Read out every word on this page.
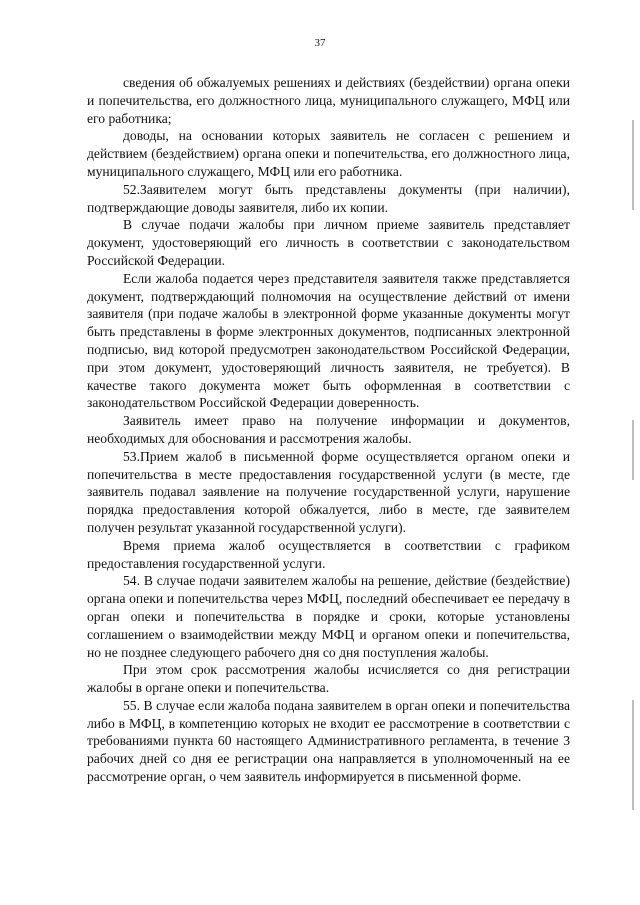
37

сведения об обжалуемых решениях и действиях (бездействии) органа опеки и попечительства, его должностного лица, муниципального служащего, МФЦ или его работника;

доводы, на основании которых заявитель не согласен с решением и действием (бездействием) органа опеки и попечительства, его должностного лица, муниципального служащего, МФЦ или его работника.

52.Заявителем могут быть представлены документы (при наличии), подтверждающие доводы заявителя, либо их копии.

В случае подачи жалобы при личном приеме заявитель представляет документ, удостоверяющий его личность в соответствии с законодательством Российской Федерации.

Если жалоба подается через представителя заявителя также представляется документ, подтверждающий полномочия на осуществление действий от имени заявителя (при подаче жалобы в электронной форме указанные документы могут быть представлены в форме электронных документов, подписанных электронной подписью, вид которой предусмотрен законодательством Российской Федерации, при этом документ, удостоверяющий личность заявителя, не требуется). В качестве такого документа может быть оформленная в соответствии с законодательством Российской Федерации доверенность.

Заявитель имеет право на получение информации и документов, необходимых для обоснования и рассмотрения жалобы.

53.Прием жалоб в письменной форме осуществляется органом опеки и попечительства в месте предоставления государственной услуги (в месте, где заявитель подавал заявление на получение государственной услуги, нарушение порядка предоставления которой обжалуется, либо в месте, где заявителем получен результат указанной государственной услуги).

Время приема жалоб осуществляется в соответствии с графиком предоставления государственной услуги.

54. В случае подачи заявителем жалобы на решение, действие (бездействие) органа опеки и попечительства через МФЦ, последний обеспечивает ее передачу в орган опеки и попечительства в порядке и сроки, которые установлены соглашением о взаимодействии между МФЦ и органом опеки и попечительства, но не позднее следующего рабочего дня со дня поступления жалобы.

При этом срок рассмотрения жалобы исчисляется со дня регистрации жалобы в органе опеки и попечительства.

55. В случае если жалоба подана заявителем в орган опеки и попечительства либо в МФЦ, в компетенцию которых не входит ее рассмотрение в соответствии с требованиями пункта 60 настоящего Административного регламента, в течение 3 рабочих дней со дня ее регистрации она направляется в уполномоченный на ее рассмотрение орган, о чем заявитель информируется в письменной форме.
